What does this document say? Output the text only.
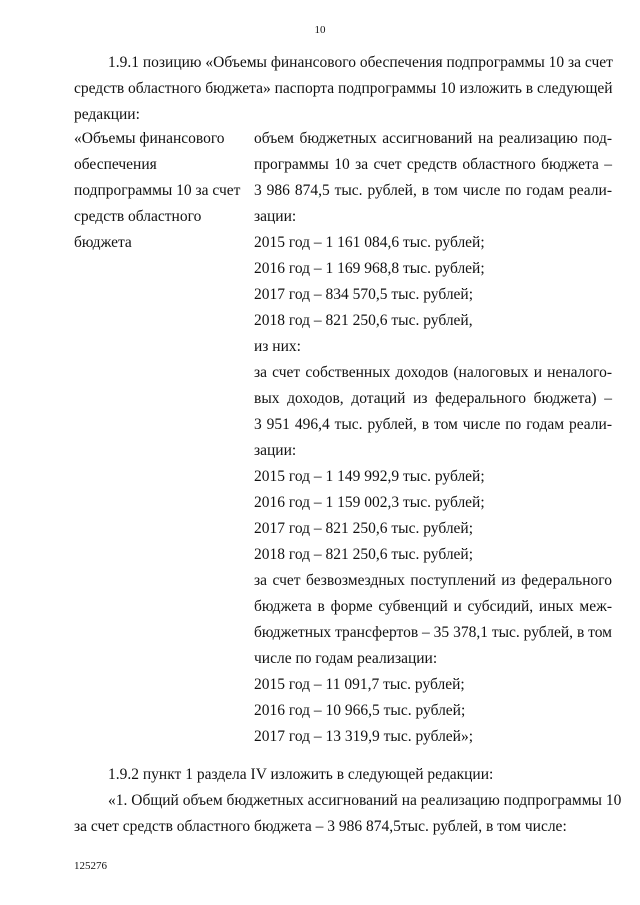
10
1.9.1 позицию «Объемы финансового обеспечения подпрограммы 10 за счет
средств областного бюджета» паспорта подпрограммы 10 изложить в следующей
редакции:
«Объемы финансового
обеспечения
подпрограммы 10 за счет
средств областного
бюджета
объем бюджетных ассигнований на реализацию под-
программы 10 за счет средств областного бюджета –
3 986 874,5 тыс. рублей, в том числе по годам реали-
зации:
2015 год – 1 161 084,6 тыс. рублей;
2016 год – 1 169 968,8 тыс. рублей;
2017 год – 834 570,5 тыс. рублей;
2018 год – 821 250,6 тыс. рублей,
из них:
за счет собственных доходов (налоговых и неналого-
вых доходов, дотаций из федерального бюджета) –
3 951 496,4 тыс. рублей, в том числе по годам реали-
зации:
2015 год – 1 149 992,9 тыс. рублей;
2016 год – 1 159 002,3 тыс. рублей;
2017 год – 821 250,6 тыс. рублей;
2018 год – 821 250,6 тыс. рублей;
за счет безвозмездных поступлений из федерального
бюджета в форме субвенций и субсидий, иных меж-
бюджетных трансфертов – 35 378,1 тыс. рублей, в том
числе по годам реализации:
2015 год – 11 091,7 тыс. рублей;
2016 год – 10 966,5 тыс. рублей;
2017 год – 13 319,9 тыс. рублей»;
1.9.2 пункт 1 раздела IV изложить в следующей редакции:
«1. Общий объем бюджетных ассигнований на реализацию подпрограммы 10
за счет средств областного бюджета – 3 986 874,5тыс. рублей, в том числе:
125276
